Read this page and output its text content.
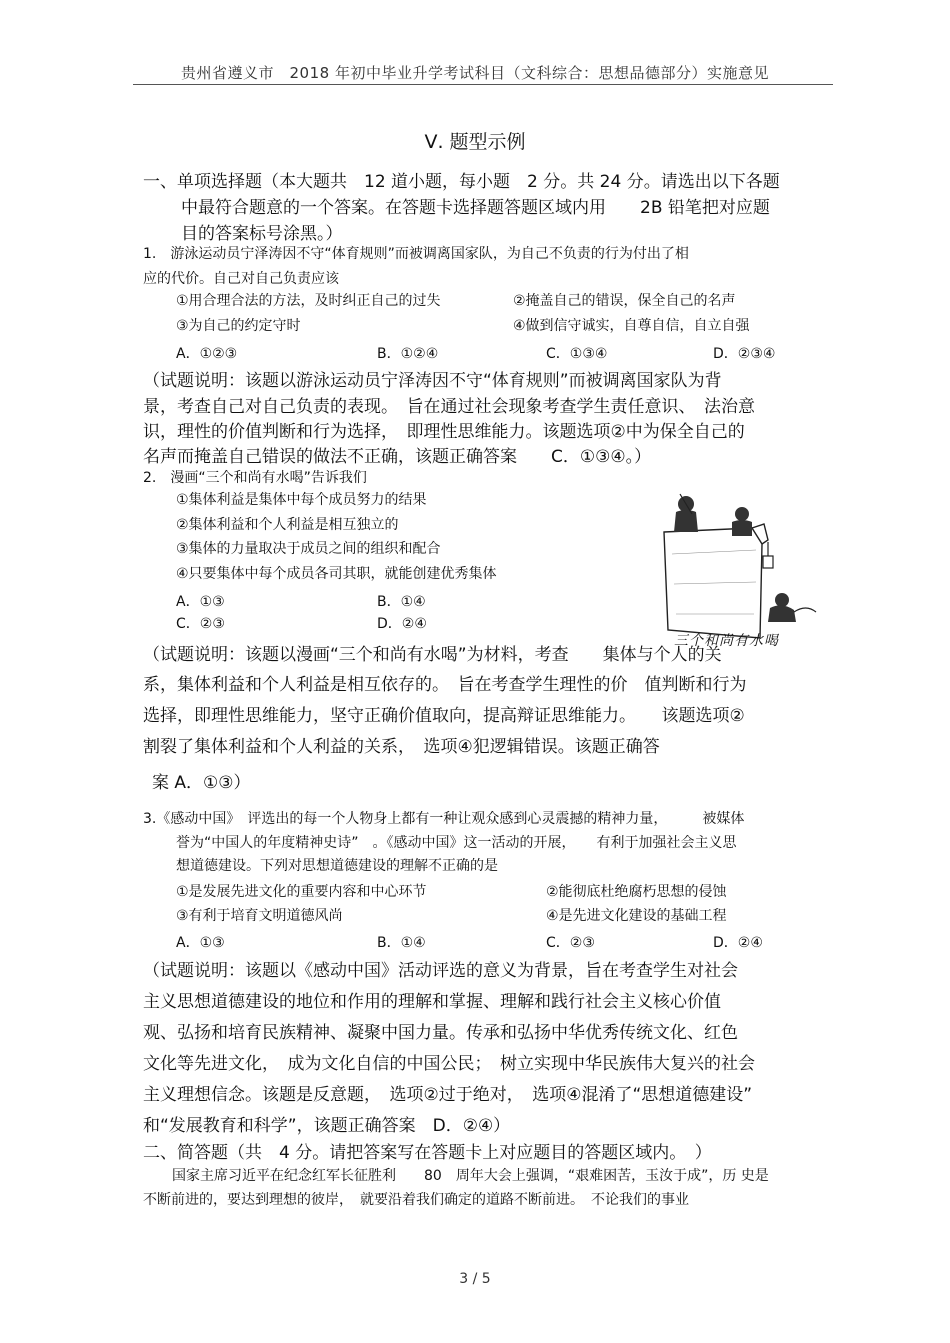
贵州省遵义市　2018 年初中毕业升学考试科目（文科综合：思想品德部分）实施意见
Ⅴ. 题型示例
一、单项选择题（本大题共　12 道小题，每小题　2 分。共 24 分。请选出以下各题
中最符合题意的一个答案。在答题卡选择题答题区域内用　　2B 铅笔把对应题
目的答案标号涂黑。）
1.　游泳运动员宁泽涛因不守“体育规则”而被调离国家队，为自己不负责的行为付出了相
应的代价。自己对自己负责应该
①用合理合法的方法，及时纠正自己的过失	②掩盖自己的错误，保全自己的名声
③为自己的约定守时	④做到信守诚实，自尊自信，自立自强
A．①②③	B．①②④	C．①③④	D．②③④
（试题说明：该题以游泳运动员宁泽涛因不守“体育规则”而被调离国家队为背
景，考查自己对自己负责的表现。　旨在通过社会现象考查学生责任意识、　法治意
识，理性的价值判断和行为选择，　即理性思维能力。该题选项②中为保全自己的
名声而掩盖自己错误的做法不正确，该题正确答案　　C．①③④。）
2.　漫画“三个和尚有水喝”告诉我们
①集体利益是集体中每个成员努力的结果
②集体利益和个人利益是相互独立的
③集体的力量取决于成员之间的组织和配合
④只要集体中每个成员各司其职，就能创建优秀集体
A．①③	B．①④
C．②③	D．②④
三个和尚有水喝
（试题说明：该题以漫画“三个和尚有水喝”为材料，考查　　集体与个人的关
系，集体利益和个人利益是相互依存的。　旨在考查学生理性的价　值判断和行为
选择，即理性思维能力，坚守正确价值取向，提高辩证思维能力。　　该题选项②
割裂了集体利益和个人利益的关系，　选项④犯逻辑错误。该题正确答
案 A．①③）
3.《感动中国》　评选出的每一个人物身上都有一种让观众感到心灵震撼的精神力量，　　　被媒体
誉为“中国人的年度精神史诗”　。《感动中国》这一活动的开展，　　有利于加强社会主义思
想道德建设。下列对思想道德建设的理解不正确的是
①是发展先进文化的重要内容和中心环节	②能彻底杜绝腐朽思想的侵蚀
③有利于培育文明道德风尚	④是先进文化建设的基础工程
A．①③	B．①④	C．②③	D．②④
（试题说明：该题以《感动中国》活动评选的意义为背景，旨在考查学生对社会
主义思想道德建设的地位和作用的理解和掌握、理解和践行社会主义核心价值
观、弘扬和培育民族精神、凝聚中国力量。传承和弘扬中华优秀传统文化、红色
文化等先进文化，　成为文化自信的中国公民；　树立实现中华民族伟大复兴的社会
主义理想信念。该题是反意题，　选项②过于绝对，　选项④混淆了“思想道德建设”
和“发展教育和科学”，该题正确答案　D．②④）
二、简答题（共　4 分。请把答案写在答题卡上对应题目的答题区域内。　）
国家主席习近平在纪念红军长征胜利　　80　周年大会上强调，“艰难困苦，玉汝于成”，历 史是
不断前进的，要达到理想的彼岸，　就要沿着我们确定的道路不断前进。　不论我们的事业
3 / 5
